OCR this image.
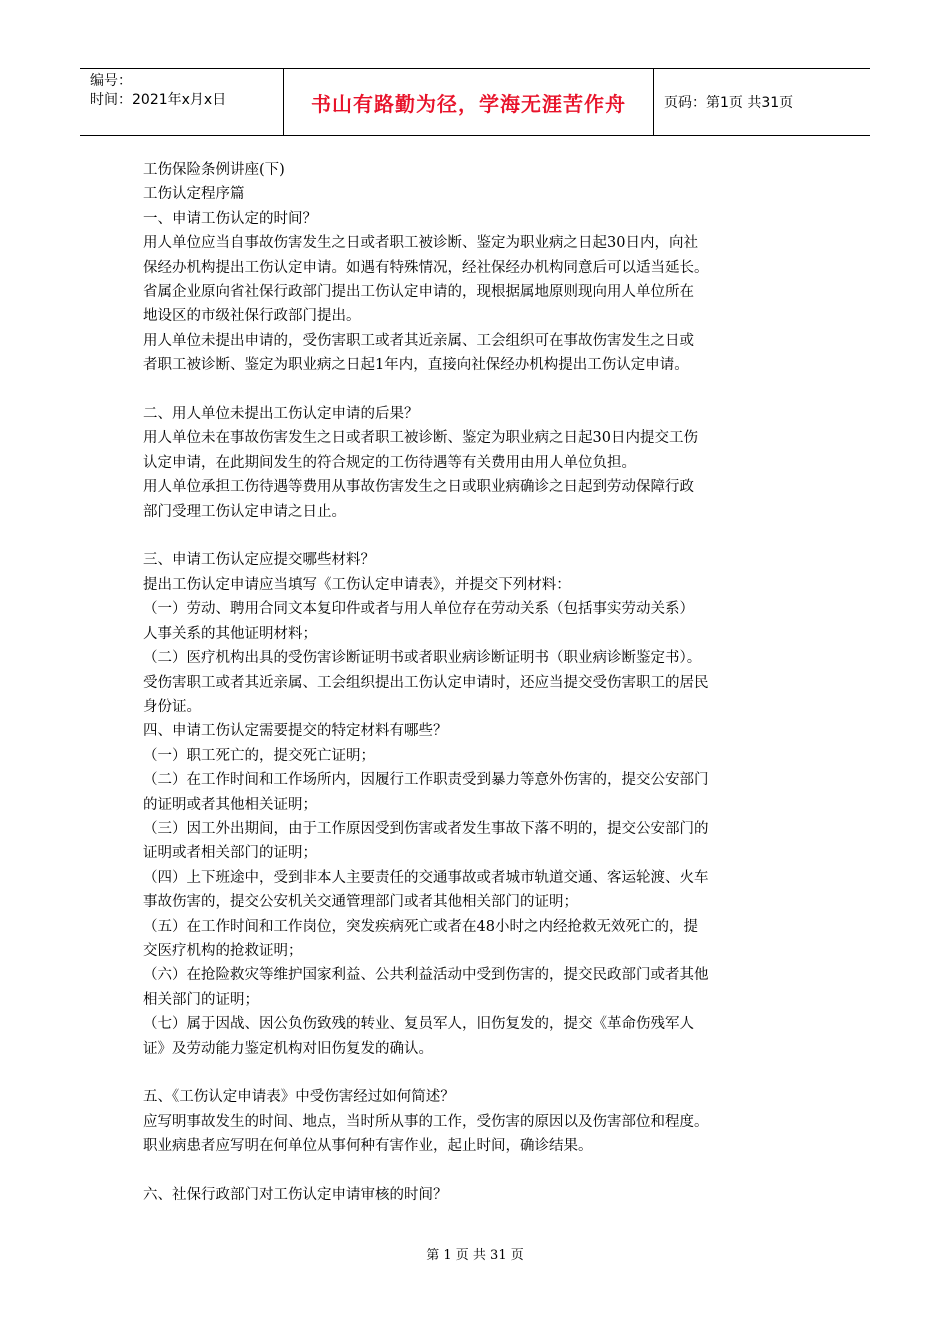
编号：
时间：2021年x月x日	书山有路勤为径，学海无涯苦作舟	页码：第1页 共31页

工伤保险条例讲座(下)

工伤认定程序篇

一、申请工伤认定的时间？

用人单位应当自事故伤害发生之日或者职工被诊断、鉴定为职业病之日起30日内，向社

保经办机构提出工伤认定申请。如遇有特殊情况，经社保经办机构同意后可以适当延长。

省属企业原向省社保行政部门提出工伤认定申请的，现根据属地原则现向用人单位所在

地设区的市级社保行政部门提出。

用人单位未提出申请的，受伤害职工或者其近亲属、工会组织可在事故伤害发生之日或

者职工被诊断、鉴定为职业病之日起1年内，直接向社保经办机构提出工伤认定申请。

二、用人单位未提出工伤认定申请的后果？

用人单位未在事故伤害发生之日或者职工被诊断、鉴定为职业病之日起30日内提交工伤

认定申请，在此期间发生的符合规定的工伤待遇等有关费用由用人单位负担。

用人单位承担工伤待遇等费用从事故伤害发生之日或职业病确诊之日起到劳动保障行政

部门受理工伤认定申请之日止。

三、申请工伤认定应提交哪些材料？

提出工伤认定申请应当填写《工伤认定申请表》，并提交下列材料：

（一）劳动、聘用合同文本复印件或者与用人单位存在劳动关系（包括事实劳动关系）

人事关系的其他证明材料；

（二）医疗机构出具的受伤害诊断证明书或者职业病诊断证明书（职业病诊断鉴定书）。

受伤害职工或者其近亲属、工会组织提出工伤认定申请时，还应当提交受伤害职工的居民

身份证。

四、申请工伤认定需要提交的特定材料有哪些？

（一）职工死亡的，提交死亡证明；

（二）在工作时间和工作场所内，因履行工作职责受到暴力等意外伤害的，提交公安部门

的证明或者其他相关证明；

（三）因工外出期间，由于工作原因受到伤害或者发生事故下落不明的，提交公安部门的

证明或者相关部门的证明；

（四）上下班途中，受到非本人主要责任的交通事故或者城市轨道交通、客运轮渡、火车

事故伤害的，提交公安机关交通管理部门或者其他相关部门的证明；

（五）在工作时间和工作岗位，突发疾病死亡或者在48小时之内经抢救无效死亡的，提

交医疗机构的抢救证明；

（六）在抢险救灾等维护国家利益、公共利益活动中受到伤害的，提交民政部门或者其他

相关部门的证明；

（七）属于因战、因公负伤致残的转业、复员军人，旧伤复发的，提交《革命伤残军人

证》及劳动能力鉴定机构对旧伤复发的确认。

五、《工伤认定申请表》中受伤害经过如何简述？

应写明事故发生的时间、地点，当时所从事的工作，受伤害的原因以及伤害部位和程度。

职业病患者应写明在何单位从事何种有害作业，起止时间，确诊结果。

六、社保行政部门对工伤认定申请审核的时间？

第 1 页 共 31 页
